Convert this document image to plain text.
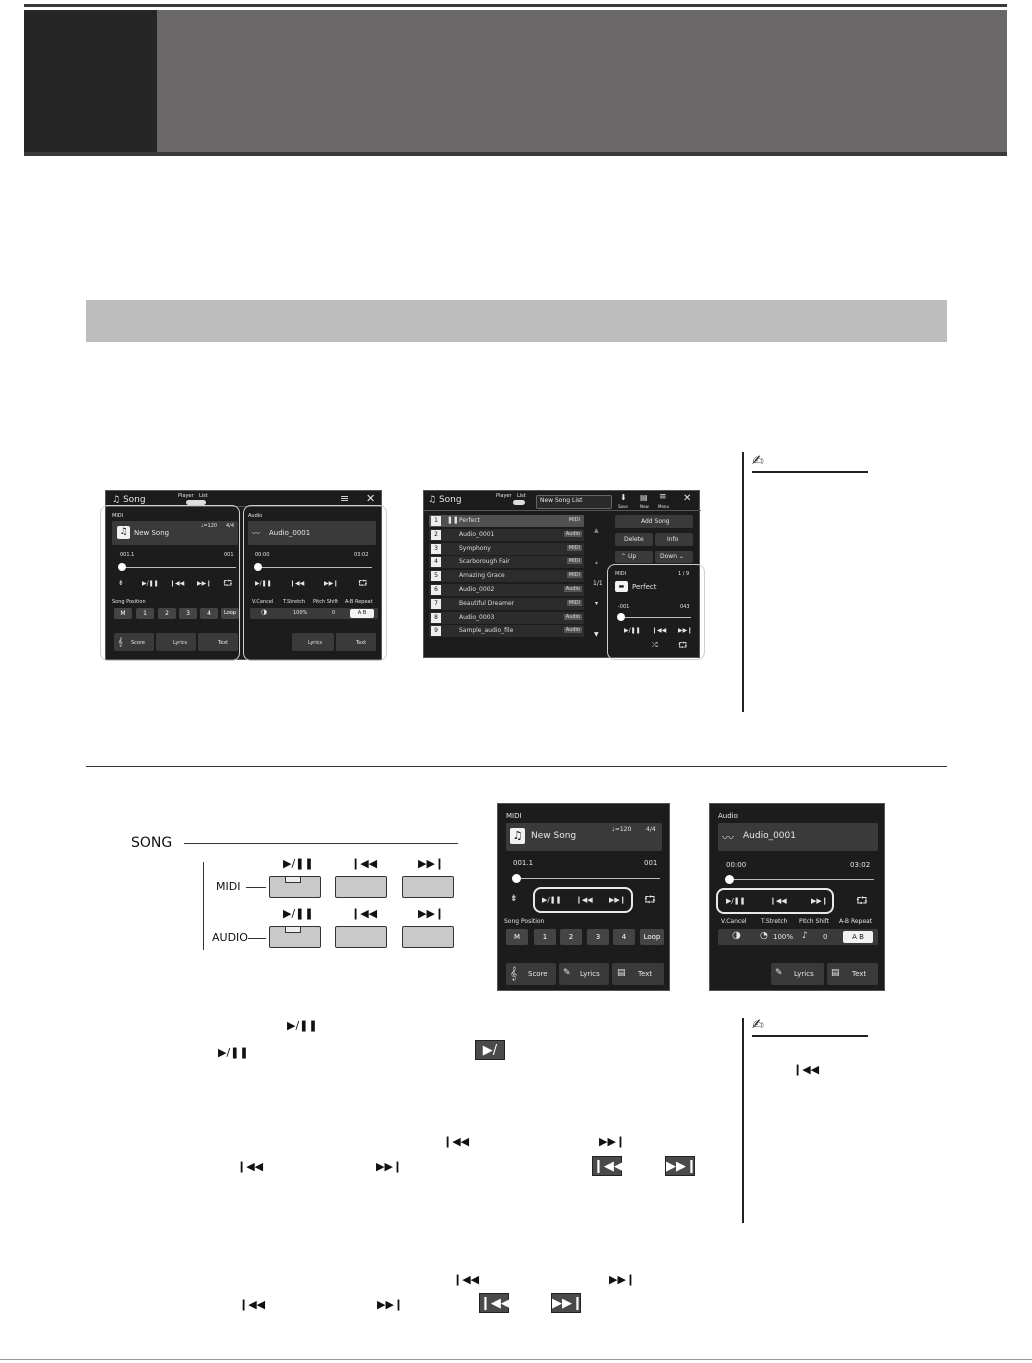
✍
♫ Song	Player List	≡ ✕
MIDI
♫ New Song
♩=120 4/4
001.1	001
⇟	▶/❚❚ ❙◀◀ ▶▶❙ ⮔
Song Position
M	1	2	3	4	Loop
𝄞 Score	Lyrics	Text
Audio
〰 Audio_0001
00:00	03:02
▶/❚❚	❙◀◀	▶▶❙ ⮔
V.Cancel T.Stretch Pitch Shift A-B Repeat
◑	100%	0	A B
Lyrics	Text
♫ Song	Player List
New Song List	⬇
Save
▤
New
≡
Menu
✕
1	Perfect	MIDI
❚❚
2	Audio_0001	Audio
3	Symphony	MIDI
4	Scarborough Fair	MIDI
5	Amazing Grace	MIDI
6	Audio_0002	Audio
7	Beautiful Dreamer	MIDI
8	Audio_0003	Audio
9	Sample_audio_file	Audio
▲
▴
1/1
▾
▼
Add Song
Delete	Info
⌃ Up	Down ⌄
MIDI	1 / 9
▬	Perfect
-001	043
▶/❚❚ ❙◀◀ ▶▶❙
⤮	⮔
SONG
MIDI
AUDIO
▶/❚❚	❙◀◀	▶▶❙
▶/❚❚	❙◀◀	▶▶❙
MIDI
♫ New Song
♩=120 4/4
001.1	001
⇟	▶/❚❚ ❙◀◀ ▶▶❙ ⮔
Song Position
M	1	2	3	4	Loop
𝄞 Score ✎ Lyrics ▤ Text
Audio
〰 Audio_0001
00:00	03:02
▶/❚❚	❙◀◀	▶▶❙	⮔
V.Cancel T.Stretch Pitch Shift A-B Repeat
◑ ◔ 100% ♪ 0	A B
✎ Lyrics ▤ Text
▶/❚❚
▶/❚❚	▶/❚❚
❙◀◀	▶▶❙
❙◀◀	▶▶❙	❙◀◀	▶▶❙
❙◀◀	▶▶❙
❙◀◀	▶▶❙	❙◀◀	▶▶❙
✍
❙◀◀
